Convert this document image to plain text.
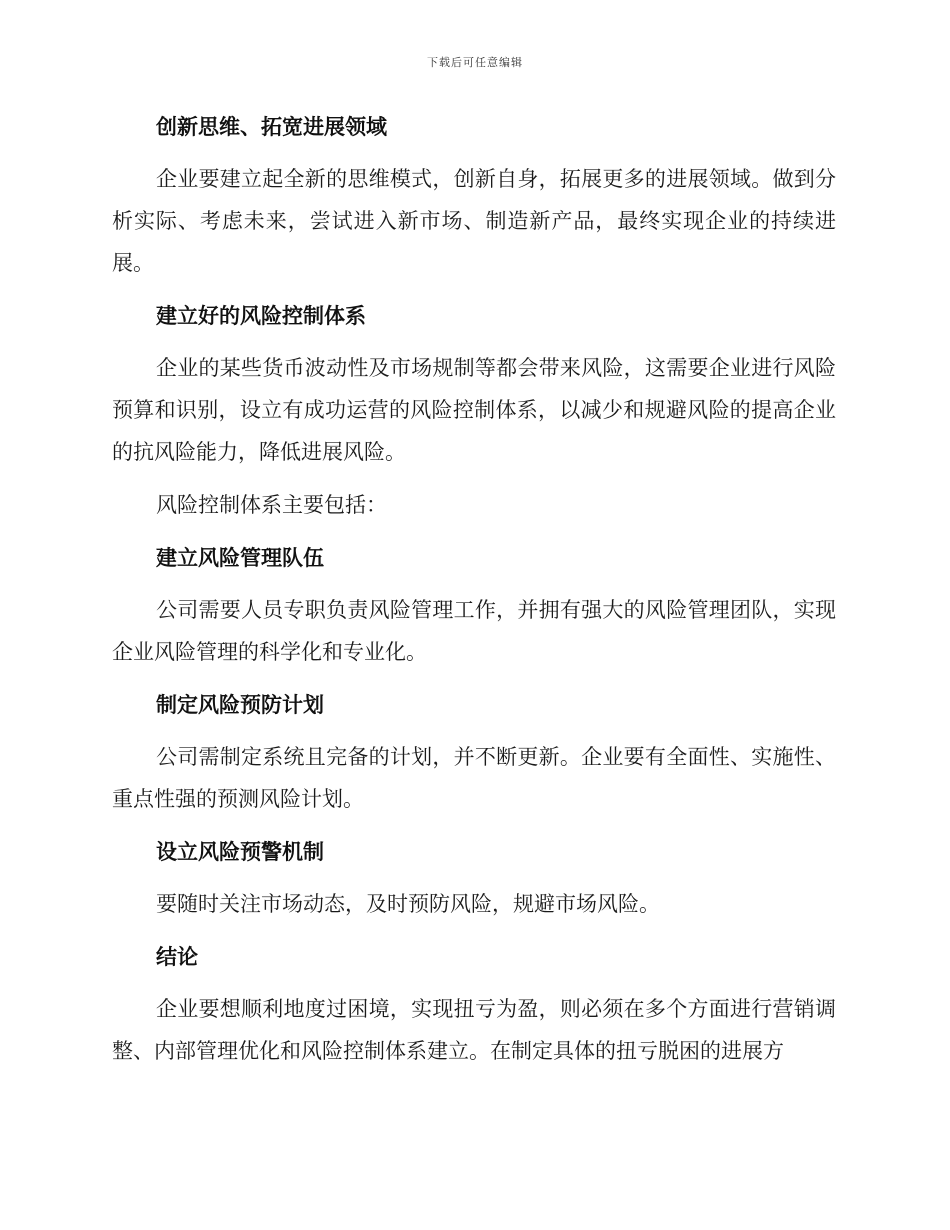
下载后可任意编辑
创新思维、拓宽进展领域

企业要建立起全新的思维模式，创新自身，拓展更多的进展领域。做到分析实际、考虑未来，尝试进入新市场、制造新产品，最终实现企业的持续进展。

建立好的风险控制体系

企业的某些货币波动性及市场规制等都会带来风险，这需要企业进行风险预算和识别，设立有成功运营的风险控制体系，以减少和规避风险的提高企业的抗风险能力，降低进展风险。

风险控制体系主要包括：

建立风险管理队伍

公司需要人员专职负责风险管理工作，并拥有强大的风险管理团队，实现企业风险管理的科学化和专业化。

制定风险预防计划

公司需制定系统且完备的计划，并不断更新。企业要有全面性、实施性、重点性强的预测风险计划。

设立风险预警机制

要随时关注市场动态，及时预防风险，规避市场风险。

结论

企业要想顺利地度过困境，实现扭亏为盈，则必须在多个方面进行营销调整、内部管理优化和风险控制体系建立。在制定具体的扭亏脱困的进展方
